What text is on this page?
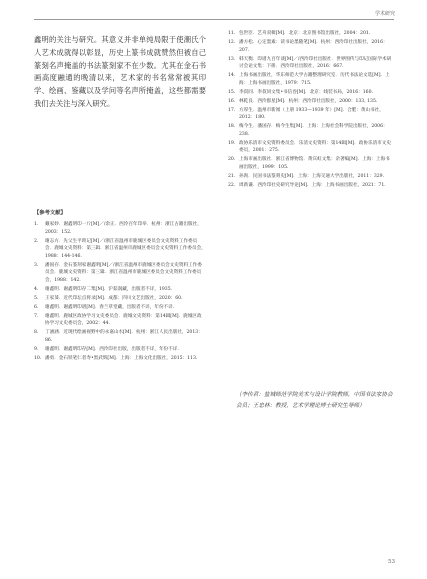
学术研究

鑫明的关注与研究。其意义并非单纯局限于使潮氏个人艺术成就得以彰显，历史上篆书成就赞然但被自己篆刻名声掩盖的书法篆刻家不在少数。尤其在金石书画高度融通的晚清以来，艺术家的书名常常被其印学、绘画、鉴藏以及学问等名声所掩盖，这些都需要我们去关注与深入研究。

【参考文献】
1.	戴家妙．谢鑫明印一斤[M]／/余正．西泠百年印举．杭州：浙江古籍出版社，2003：152.
2.	谢志方．先父生平琐记[M]／/浙江省温州市鹿城区委员会文史资料工作委员会．鹿城文史资料：第三辑．浙江省温州市鹿城区委员会文史资料工作委员会，1988：144-146.
3.	潘国存．金石篆刻家谢鑫明[M]／/浙江省温州市鹿城区委员会文史资料工作委员会．鹿城文史资料：第三辑．浙江省温州市鹿城区委员会文史资料工作委员会，1988：142.
4.	谢鑫明．谢鑫明印存二集[M]．沪茹润藏，出版者不详，1935.
5.	王家葵．近代印坛点将录[M]．成都：四川文艺出版社，2020：60.
6.	谢鑫明．谢鑫明印谱[M]．春兰草堂藏，出版者不详，年份不详.
7.	谢鑫明．鹿城区政协学习文史委员会．鹿城文史资料：第14辑[M]．鹿城区政协学习文史委员会，2002：44.
8.	丁涵涵．近现代绘画视野中的永嘉山水[M]．杭州：浙江人民出版社，2013：86.
9.	谢鑫明．谢鑫明印存[M]．西泠印社出版，出版者不详，年份不详.
10. 潘勇．金石铁笔仁者寿•黑武辉[M]．上海：上海文化出版社，2015：113.
11. 包世臣．艺舟双楫[M]．北京：北京图书馆出版社，2004：201.
12. 潘方松．心定墨素：读书论墨随笔[M]．杭州：西泠印社出版社，2016：207.
13. 韩天衡．印谱九百年谈[M]／/西泠印社出版社．世界图传与印记国际学术研讨会论文集：下册．西泠印社出版社，2016：667.
14. 上海书画出版社，华东师范大学古籍整理研究室．历代书法论文选[M]．上海：上海书画出版社，1979：715.
15. 李叔同．李叔同文集•书信卷[M]．北京：线装书局，2016：160.
16. 林乾良．西泠群星[M]．杭州：西泠印社出版社，2000：133, 135.
17. 方厚生．温州市新闻（上册 1933—1939 年）[M]．合肥：黄山书社，2012：180.
18. 梅今生．潘国存．梅今生集[M]．上海：上海社会科学院出版社，2006：238.
19. 政协乐清市文史资料委员会．乐清文史资料：第14辑[M]．政协乐清市文史委员，2001：275.
20. 上海市画出版社．浙江省博物馆．黄宾虹文集：杂著编[M]．上海：上海书画出版社，1999：105.
21. 孙洵．民国书法篆刻史[M]．上海：上海交通大学出版社，2011：329.
22. 周新谦．西泠印社史研究导论[M]．上海：上海书画出版社，2021：71.

（李传君：盐城师范学院美术与设计学院教师，中国书法家协会会员；王忠林：教授，艺术学理论博士研究生导师）

53
